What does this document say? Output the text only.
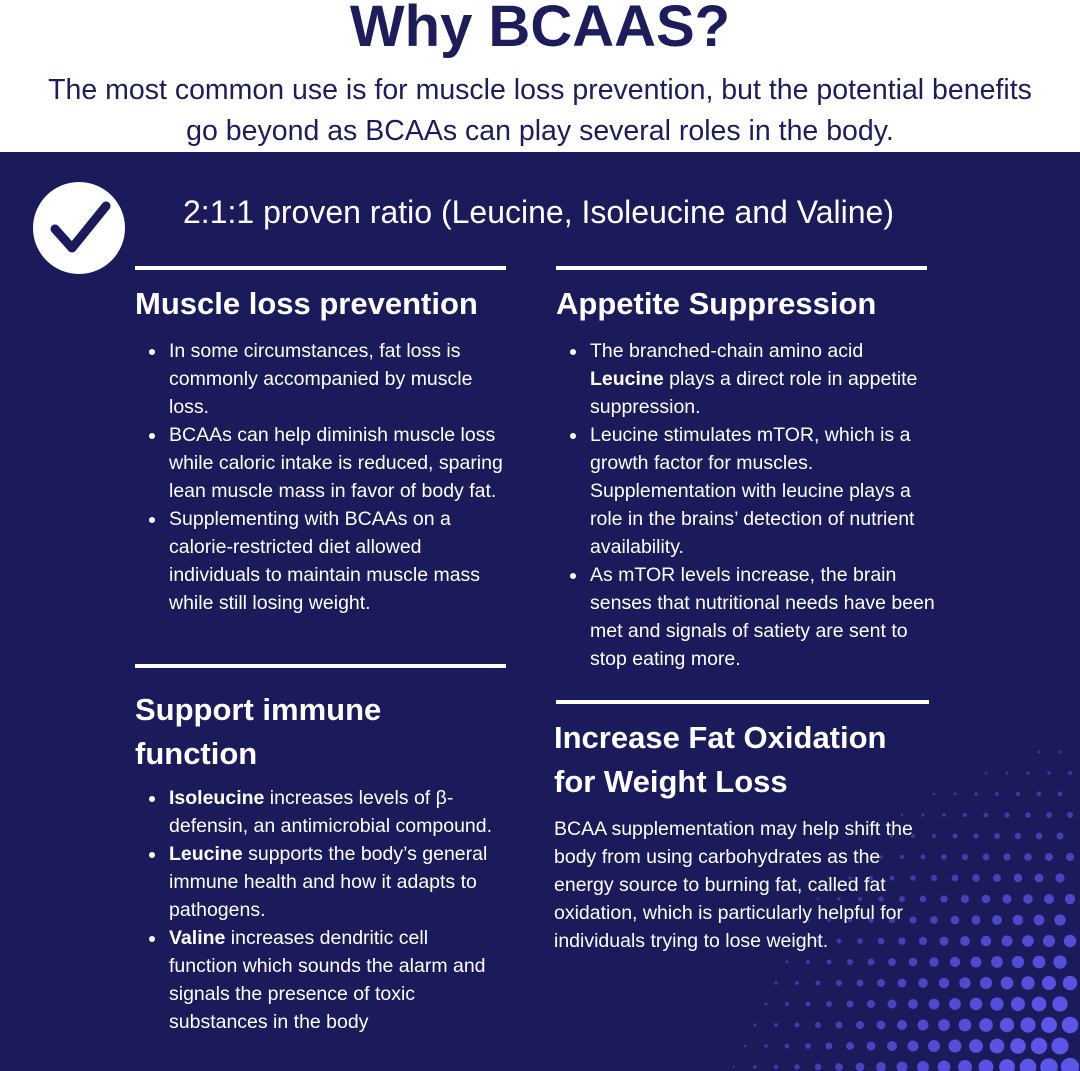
Why BCAAS?
The most common use is for muscle loss prevention, but the potential benefits go beyond as BCAAs can play several roles in the body.
2:1:1 proven ratio (Leucine, Isoleucine and Valine)
Muscle loss prevention
In some circumstances, fat loss is commonly accompanied by muscle loss.
BCAAs can help diminish muscle loss while caloric intake is reduced, sparing lean muscle mass in favor of body fat.
Supplementing with BCAAs on a calorie-restricted diet allowed individuals to maintain muscle mass while still losing weight.
Appetite Suppression
The branched-chain amino acid Leucine plays a direct role in appetite suppression.
Leucine stimulates mTOR, which is a growth factor for muscles. Supplementation with leucine plays a role in the brains’ detection of nutrient availability.
As mTOR levels increase, the brain senses that nutritional needs have been met and signals of satiety are sent to stop eating more.
Support immune function
Isoleucine increases levels of β-defensin, an antimicrobial compound.
Leucine supports the body’s general immune health and how it adapts to pathogens.
Valine increases dendritic cell function which sounds the alarm and signals the presence of toxic substances in the body
Increase Fat Oxidation for Weight Loss

BCAA supplementation may help shift the body from using carbohydrates as the energy source to burning fat, called fat oxidation, which is particularly helpful for individuals trying to lose weight.
